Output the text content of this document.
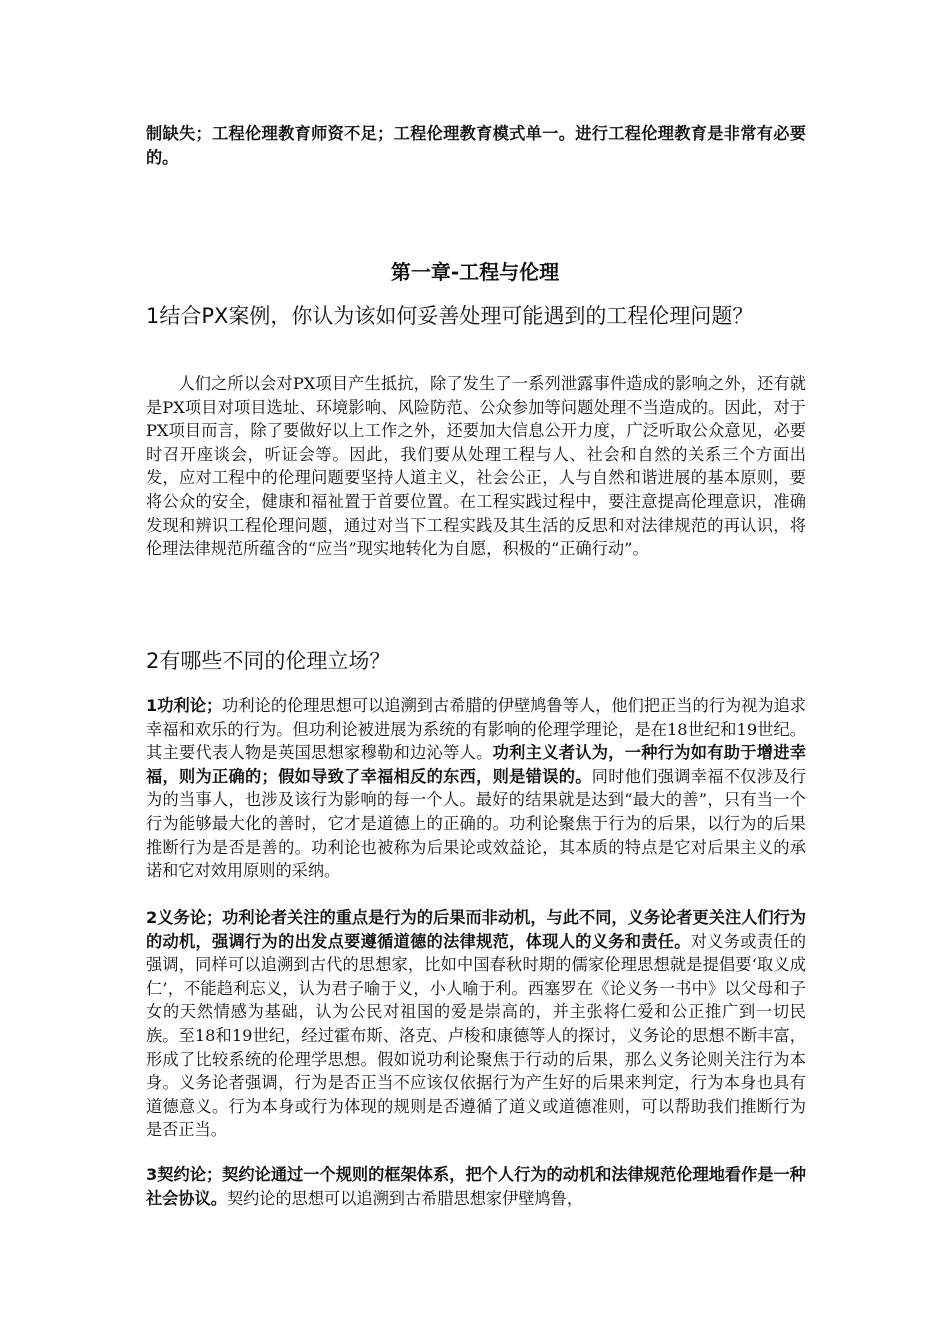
制缺失；工程伦理教育师资不足；工程伦理教育模式单一。进行工程伦理教育是非常有必要的。

第一章-工程与伦理
1结合PX案例，你认为该如何妥善处理可能遇到的工程伦理问题？

人们之所以会对PX项目产生抵抗，除了发生了一系列泄露事件造成的影响之外，还有就是PX项目对项目选址、环境影响、风险防范、公众参加等问题处理不当造成的。因此，对于PX项目而言，除了要做好以上工作之外，还要加大信息公开力度，广泛听取公众意见，必要时召开座谈会，听证会等。因此，我们要从处理工程与人、社会和自然的关系三个方面出发，应对工程中的伦理问题要坚持人道主义，社会公正，人与自然和谐进展的基本原则，要将公众的安全，健康和福祉置于首要位置。在工程实践过程中，要注意提高伦理意识，准确发现和辨识工程伦理问题，通过对当下工程实践及其生活的反思和对法律规范的再认识，将伦理法律规范所蕴含的“应当”现实地转化为自愿，积极的“正确行动”。

2有哪些不同的伦理立场？

1功利论；功利论的伦理思想可以追溯到古希腊的伊壁鸠鲁等人，他们把正当的行为视为追求幸福和欢乐的行为。但功利论被进展为系统的有影响的伦理学理论，是在18世纪和19世纪。其主要代表人物是英国思想家穆勒和边沁等人。功利主义者认为，一种行为如有助于增进幸福，则为正确的；假如导致了幸福相反的东西，则是错误的。同时他们强调幸福不仅涉及行为的当事人，也涉及该行为影响的每一个人。最好的结果就是达到“最大的善”，只有当一个行为能够最大化的善时，它才是道德上的正确的。功利论聚焦于行为的后果，以行为的后果推断行为是否是善的。功利论也被称为后果论或效益论，其本质的特点是它对后果主义的承诺和它对效用原则的采纳。

2义务论；功利论者关注的重点是行为的后果而非动机，与此不同，义务论者更关注人们行为的动机，强调行为的出发点要遵循道德的法律规范，体现人的义务和责任。对义务或责任的强调，同样可以追溯到古代的思想家，比如中国春秋时期的儒家伦理思想就是提倡要‘取义成仁’，不能趋利忘义，认为君子喻于义，小人喻于利。西塞罗在《论义务一书中》以父母和子女的天然情感为基础，认为公民对祖国的爱是崇高的，并主张将仁爱和公正推广到一切民族。至18和19世纪，经过霍布斯、洛克、卢梭和康德等人的探讨，义务论的思想不断丰富，形成了比较系统的伦理学思想。假如说功利论聚焦于行动的后果，那么义务论则关注行为本身。义务论者强调，行为是否正当不应该仅依据行为产生好的后果来判定，行为本身也具有道德意义。行为本身或行为体现的规则是否遵循了道义或道德准则，可以帮助我们推断行为是否正当。

3契约论；契约论通过一个规则的框架体系，把个人行为的动机和法律规范伦理地看作是一种社会协议。契约论的思想可以追溯到古希腊思想家伊壁鸠鲁，
